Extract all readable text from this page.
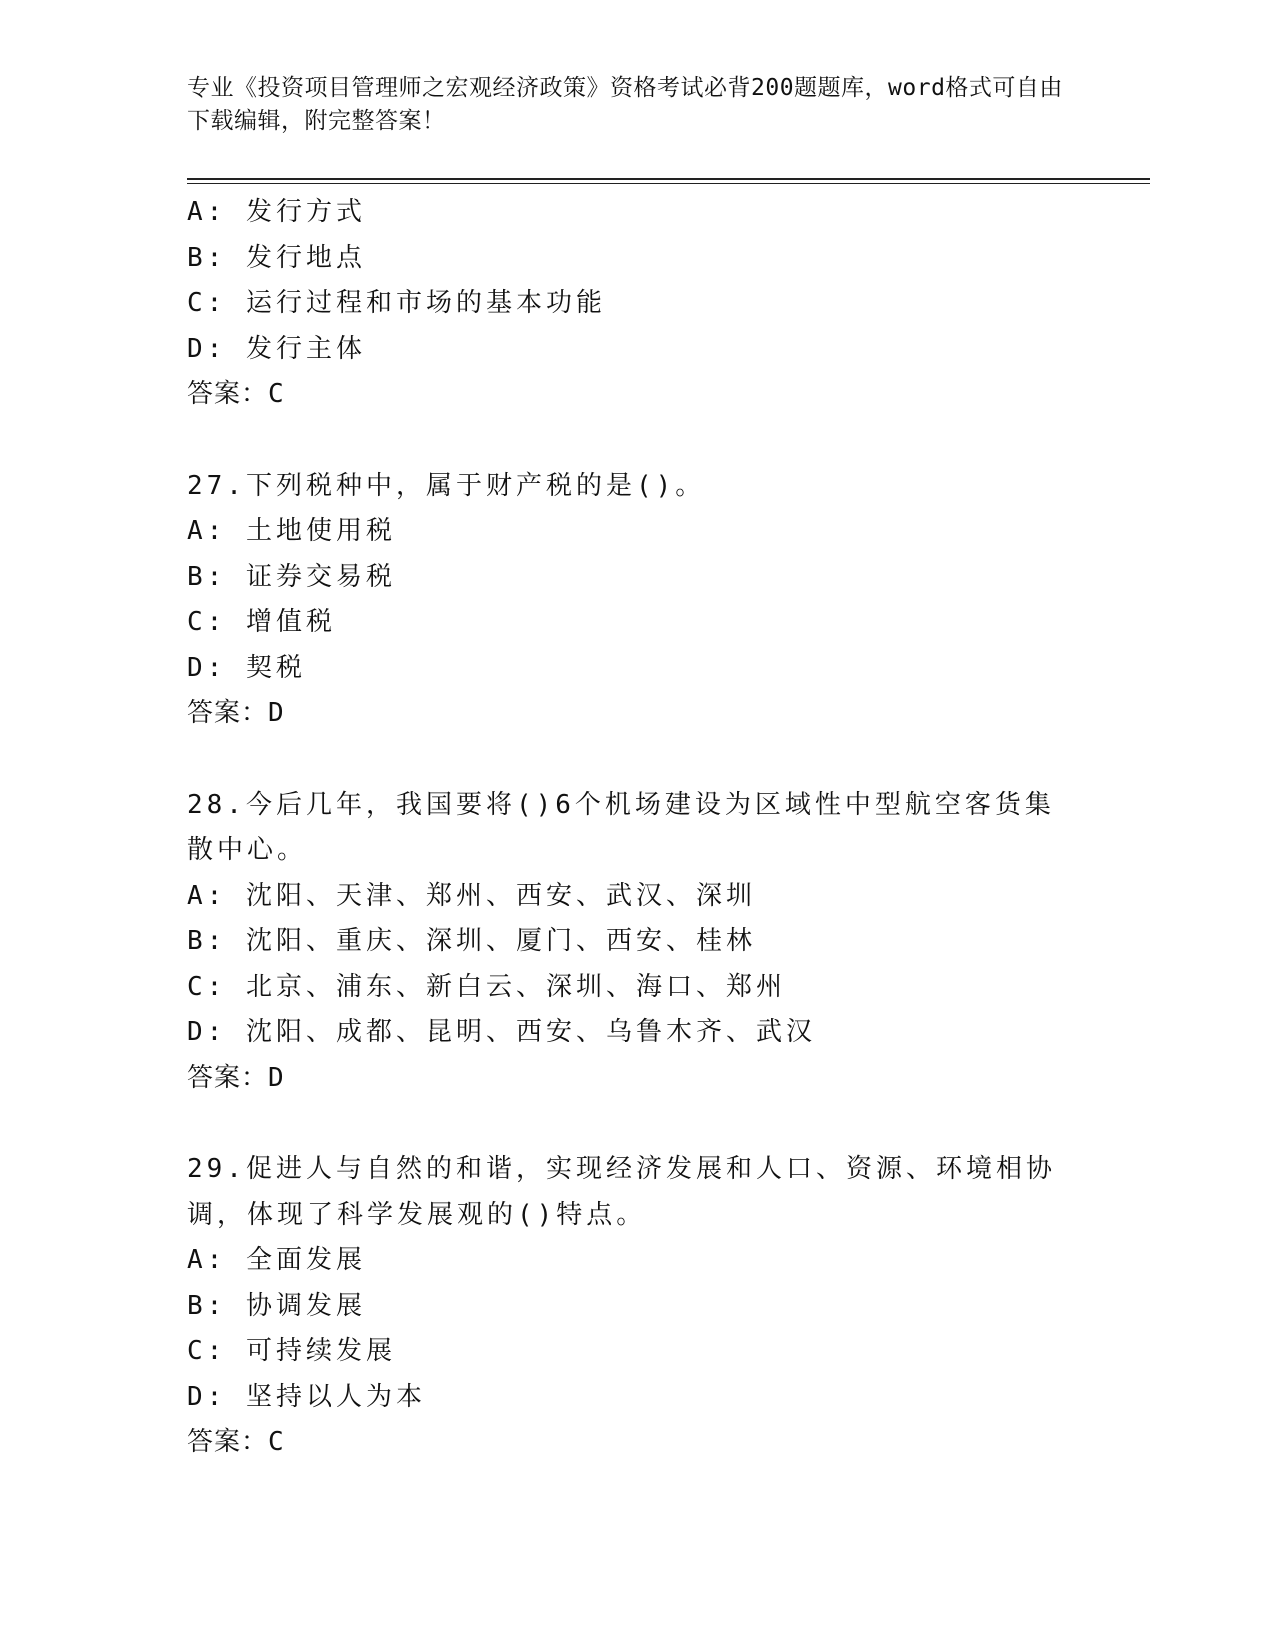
专业《投资项目管理师之宏观经济政策》资格考试必背200题题库，word格式可自由下载编辑，附完整答案！
A: 发行方式
B: 发行地点
C: 运行过程和市场的基本功能
D: 发行主体
答案：C
27.下列税种中，属于财产税的是()。
A: 土地使用税
B: 证券交易税
C: 增值税
D: 契税
答案：D
28.今后几年，我国要将()6个机场建设为区域性中型航空客货集散中心。
A: 沈阳、天津、郑州、西安、武汉、深圳
B: 沈阳、重庆、深圳、厦门、西安、桂林
C: 北京、浦东、新白云、深圳、海口、郑州
D: 沈阳、成都、昆明、西安、乌鲁木齐、武汉
答案：D
29.促进人与自然的和谐，实现经济发展和人口、资源、环境相协调，体现了科学发展观的()特点。
A: 全面发展
B: 协调发展
C: 可持续发展
D: 坚持以人为本
答案：C
